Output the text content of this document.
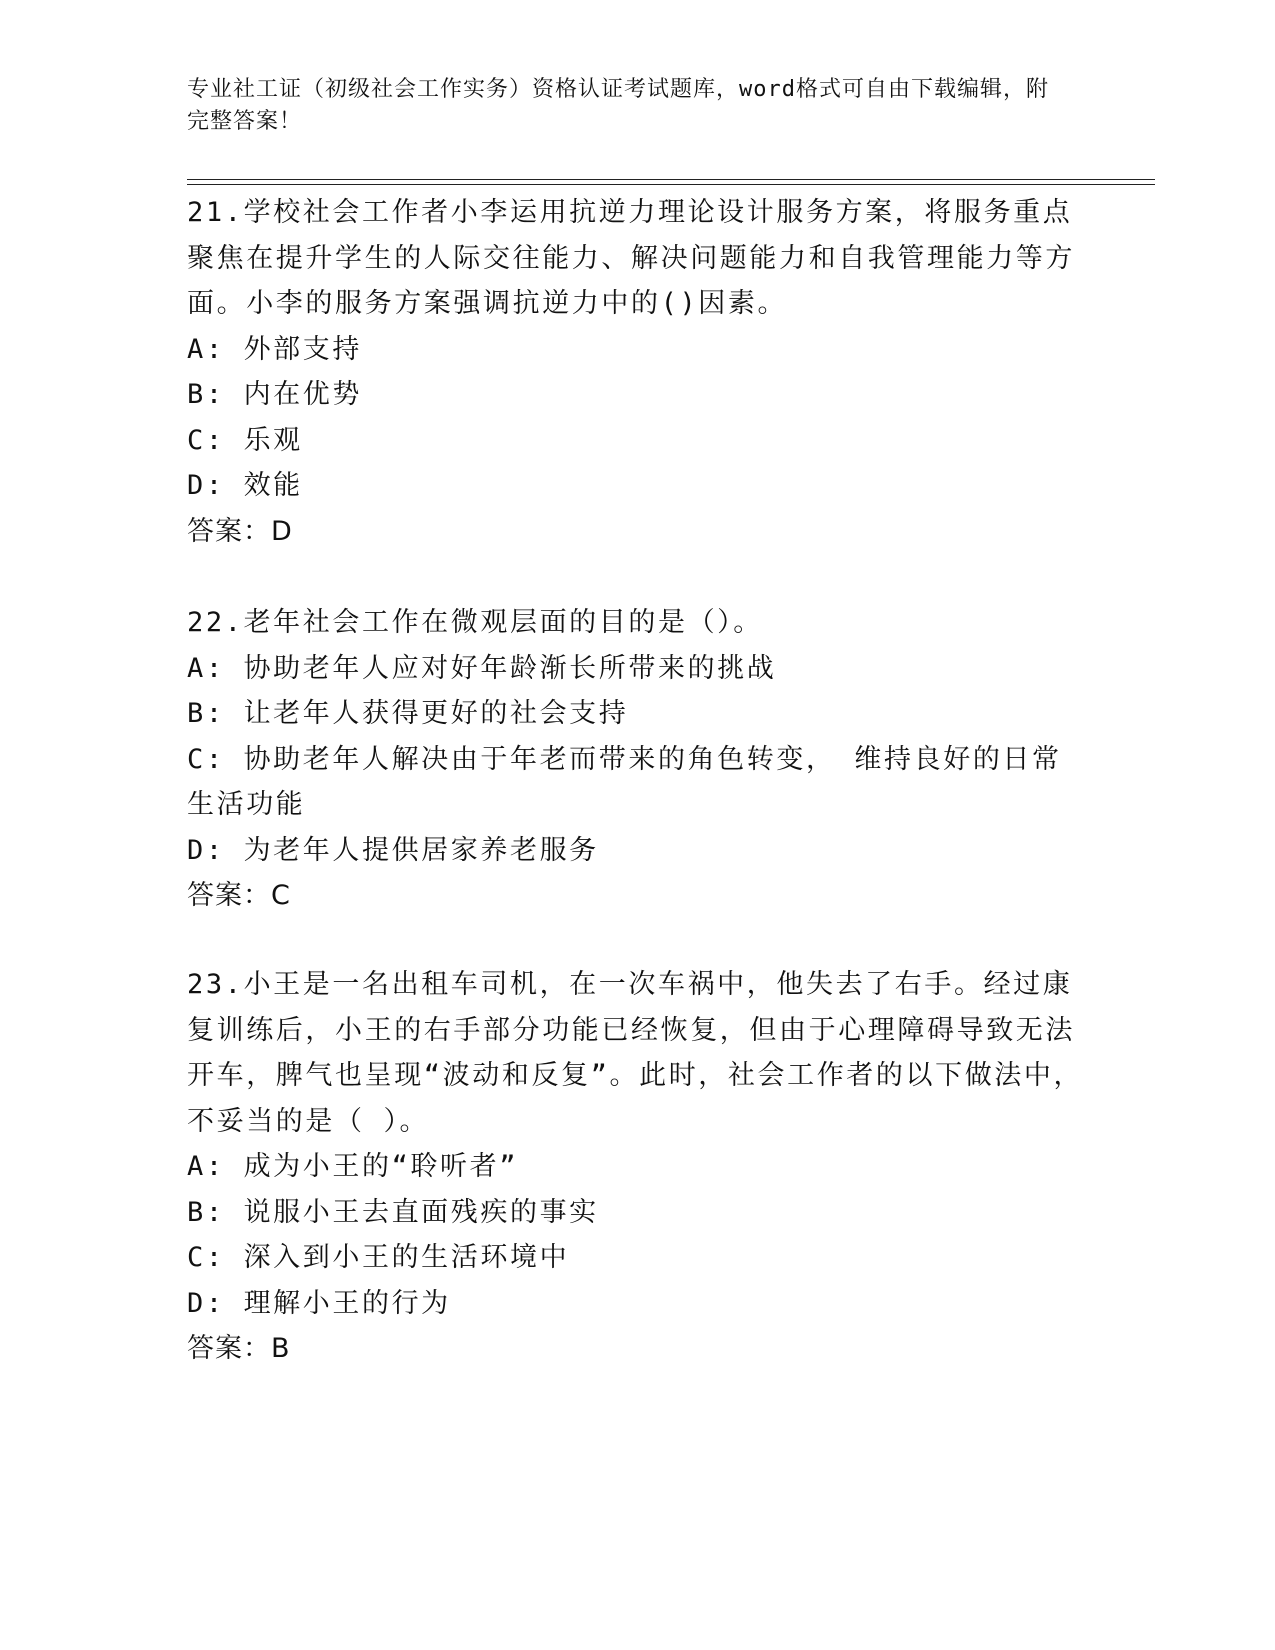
专业社工证（初级社会工作实务）资格认证考试题库，word格式可自由下载编辑，附完整答案！
21.学校社会工作者小李运用抗逆力理论设计服务方案，将服务重点聚焦在提升学生的人际交往能力、解决问题能力和自我管理能力等方面。小李的服务方案强调抗逆力中的()因素。
A: 外部支持
B: 内在优势
C: 乐观
D: 效能
答案：D
22.老年社会工作在微观层面的目的是（）。
A: 协助老年人应对好年龄渐长所带来的挑战
B: 让老年人获得更好的社会支持
C: 协助老年人解决由于年老而带来的角色转变， 维持良好的日常生活功能
D: 为老年人提供居家养老服务
答案：C
23.小王是一名出租车司机，在一次车祸中，他失去了右手。经过康复训练后，小王的右手部分功能已经恢复，但由于心理障碍导致无法开车，脾气也呈现“波动和反复”。此时，社会工作者的以下做法中，不妥当的是（ ）。
A: 成为小王的“聆听者”
B: 说服小王去直面残疾的事实
C: 深入到小王的生活环境中
D: 理解小王的行为
答案：B
